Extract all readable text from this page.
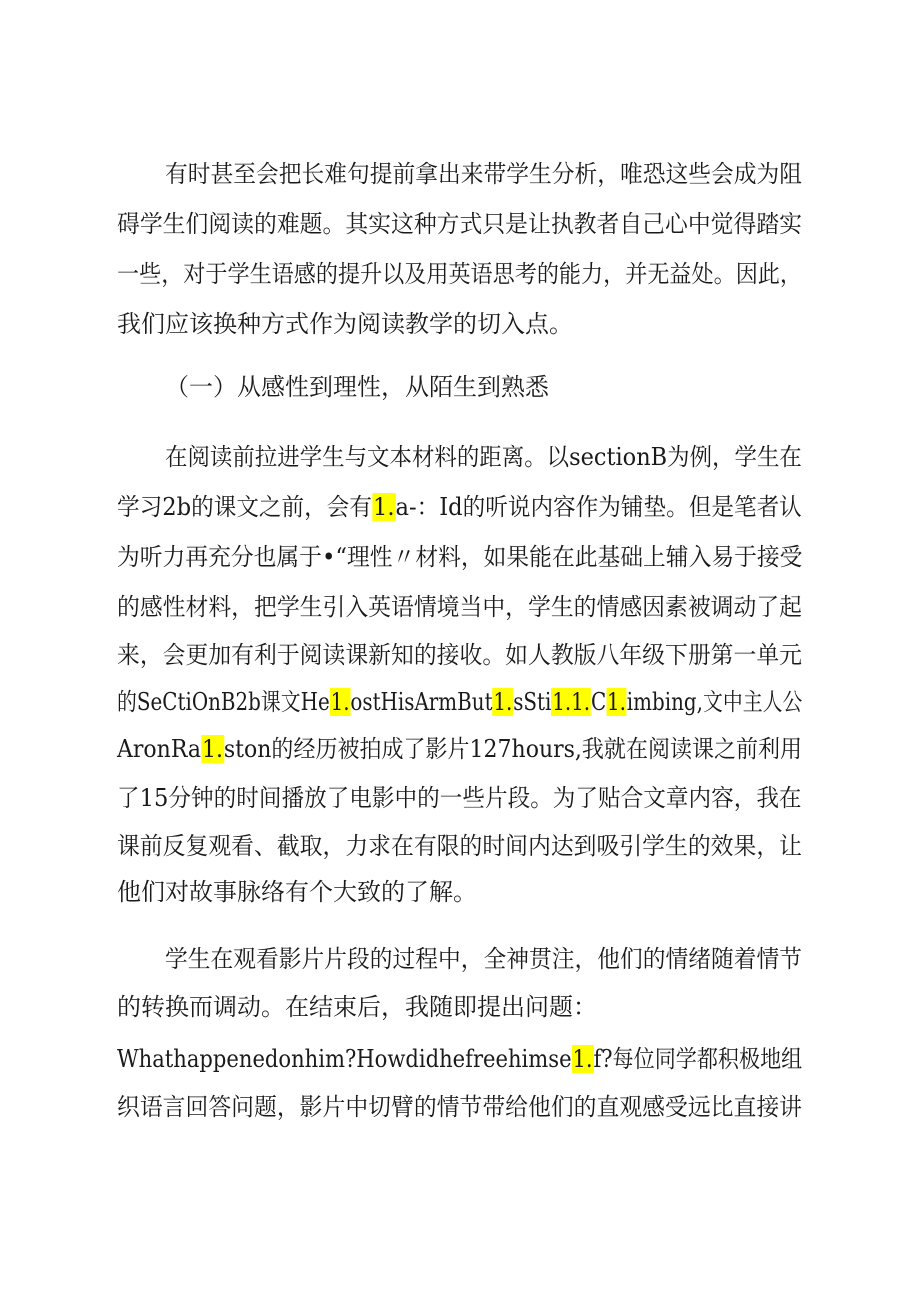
有时甚至会把长难句提前拿出来带学生分析，唯恐这些会成为阻
碍学生们阅读的难题。其实这种方式只是让执教者自己心中觉得踏实
一些，对于学生语感的提升以及用英语思考的能力，并无益处。因此，
我们应该换种方式作为阅读教学的切入点。
（一）从感性到理性，从陌生到熟悉
在阅读前拉进学生与文本材料的距离。以sectionB为例，学生在
学习2b的课文之前，会有1.a-：Id的听说内容作为铺垫。但是笔者认
为听力再充分也属于•“理性〃材料，如果能在此基础上辅入易于接受
的感性材料，把学生引入英语情境当中，学生的情感因素被调动了起
来，会更加有利于阅读课新知的接收。如人教版八年级下册第一单元
的SeCtiOnB2b课文He1.ostHisArmBut1.sSti1.1.C1.imbing,文中主人公
AronRa1.ston的经历被拍成了影片127hours,我就在阅读课之前利用
了15分钟的时间播放了电影中的一些片段。为了贴合文章内容，我在
课前反复观看、截取，力求在有限的时间内达到吸引学生的效果，让
他们对故事脉络有个大致的了解。
学生在观看影片片段的过程中，全神贯注，他们的情绪随着情节
的转换而调动。在结束后，我随即提出问题：
Whathappenedonhim?Howdidhefreehimse1.f?每位同学都积极地组
织语言回答问题，影片中切臂的情节带给他们的直观感受远比直接讲
